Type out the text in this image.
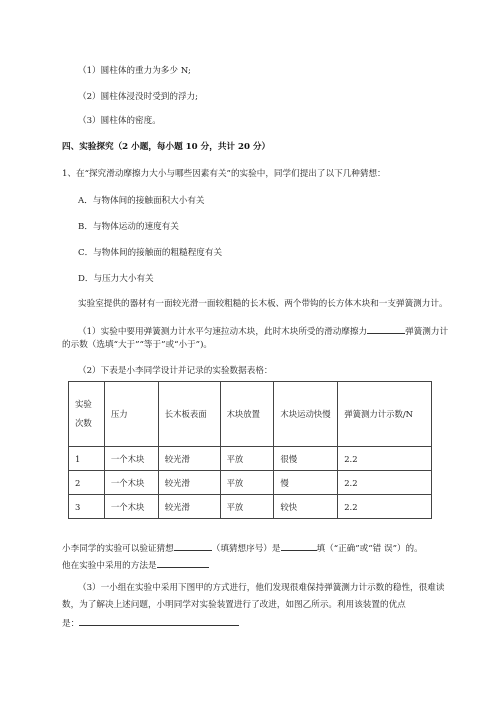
（1）圆柱体的重力为多少 N;
（2）圆柱体浸没时受到的浮力;
（3）圆柱体的密度。
四、实验探究（2 小题，每小题 10 分，共计 20 分）
1、在“探究滑动摩擦力大小与哪些因素有关”的实验中，同学们提出了以下几种猜想：
A．与物体间的接触面积大小有关
B．与物体运动的速度有关
C．与物体间的接触面的粗糙程度有关
D．与压力大小有关
实验室提供的器材有一面较光滑一面较粗糙的长木板、两个带钩的长方体木块和一支弹簧测力计。
（1）实验中要用弹簧测力计水平匀速拉动木块，此时木块所受的滑动摩擦力	弹簧测力计
的示数（选填“大于”“等于”或“小于”)。
（2）下表是小李同学设计并记录的实验数据表格：
实验
次数	压力	长木板表面	木块放置	木块运动快慢	弹簧测力计示数/N
1	一个木块	较光滑	平放	很慢	2.2
2	一个木块	较光滑	平放	慢	2.2
3	一个木块	较光滑	平放	较快	2.2
小李同学的实验可以验证猜想	（填猜想序号）是	填（“正确”或“错 误”）的。
他在实验中采用的方法是
（3）一小组在实验中采用下图甲的方式进行，他们发现很难保持弹簧测力计示数的稳性，很难读
数，为了解决上述问题，小明同学对实验装置进行了改进，如图乙所示。利用该装置的优点
是：
